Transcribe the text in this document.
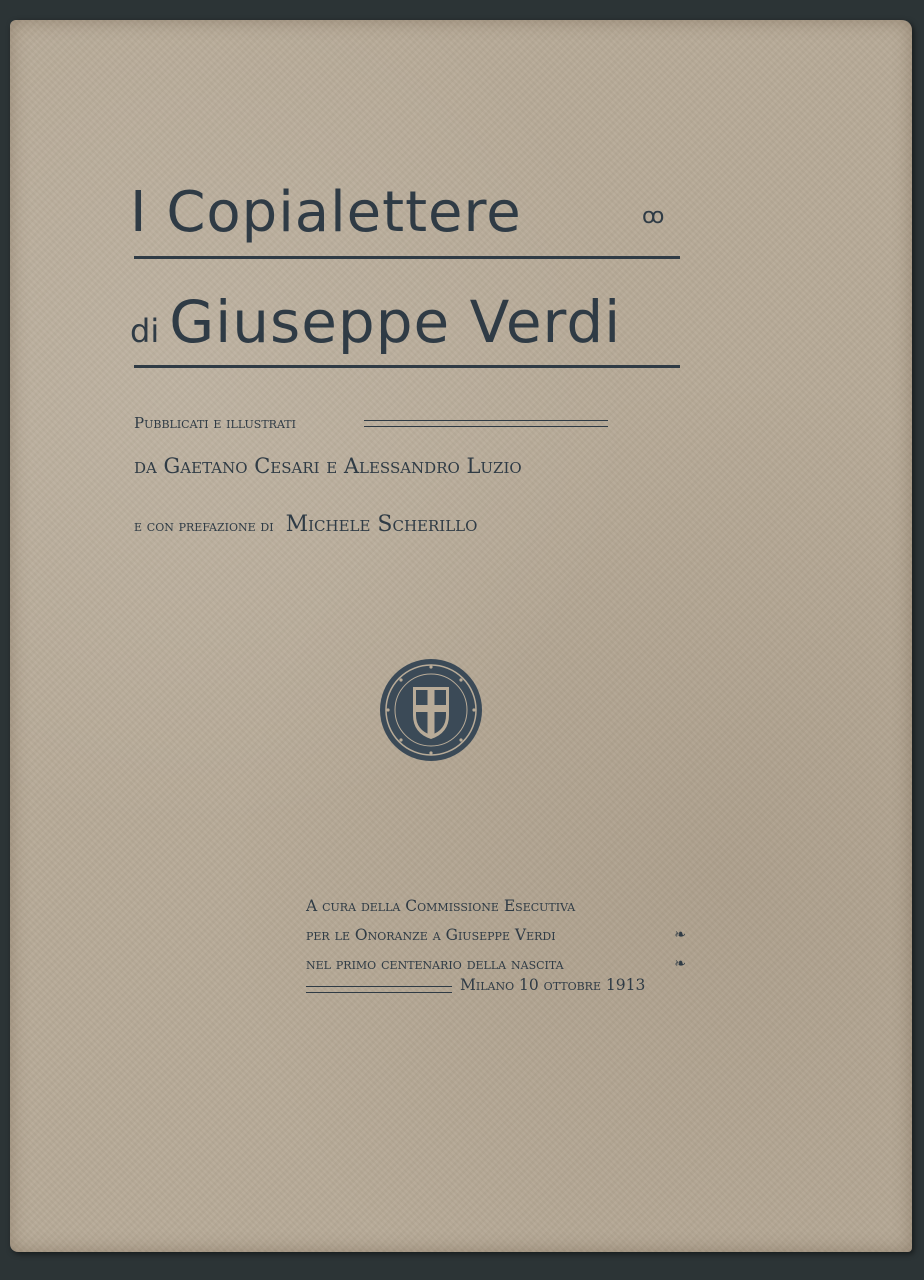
I Copialettere	ꝏ
di Giuseppe Verdi
Pubblicati e illustrati
da Gaetano Cesari e Alessandro Luzio
e con prefazione di Michele Scherillo
A cura della Commissione Esecutiva
per le Onoranze a Giuseppe Verdi	❧
nel primo centenario della nascita	❧
Milano 10 ottobre 1913
